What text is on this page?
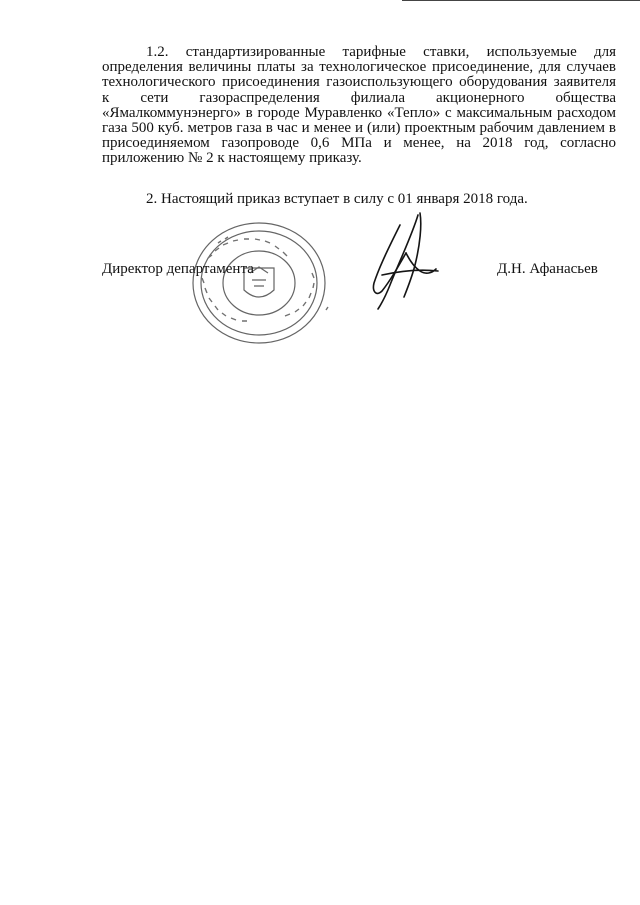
1.2. стандартизированные тарифные ставки, используемые для
определения величины платы за технологическое присоединение, для случаев
технологического присоединения газоиспользующего оборудования заявителя
к сети газораспределения филиала акционерного общества
«Ямалкоммунэнерго» в городе Муравленко «Тепло» с максимальным расходом
газа 500 куб. метров газа в час и менее и (или) проектным рабочим давлением в
присоединяемом газопроводе 0,6 МПа и менее, на 2018 год, согласно
приложению № 2 к настоящему приказу.
2. Настоящий приказ вступает в силу с 01 января 2018 года.
Директор департамента	Д.Н. Афанасьев
